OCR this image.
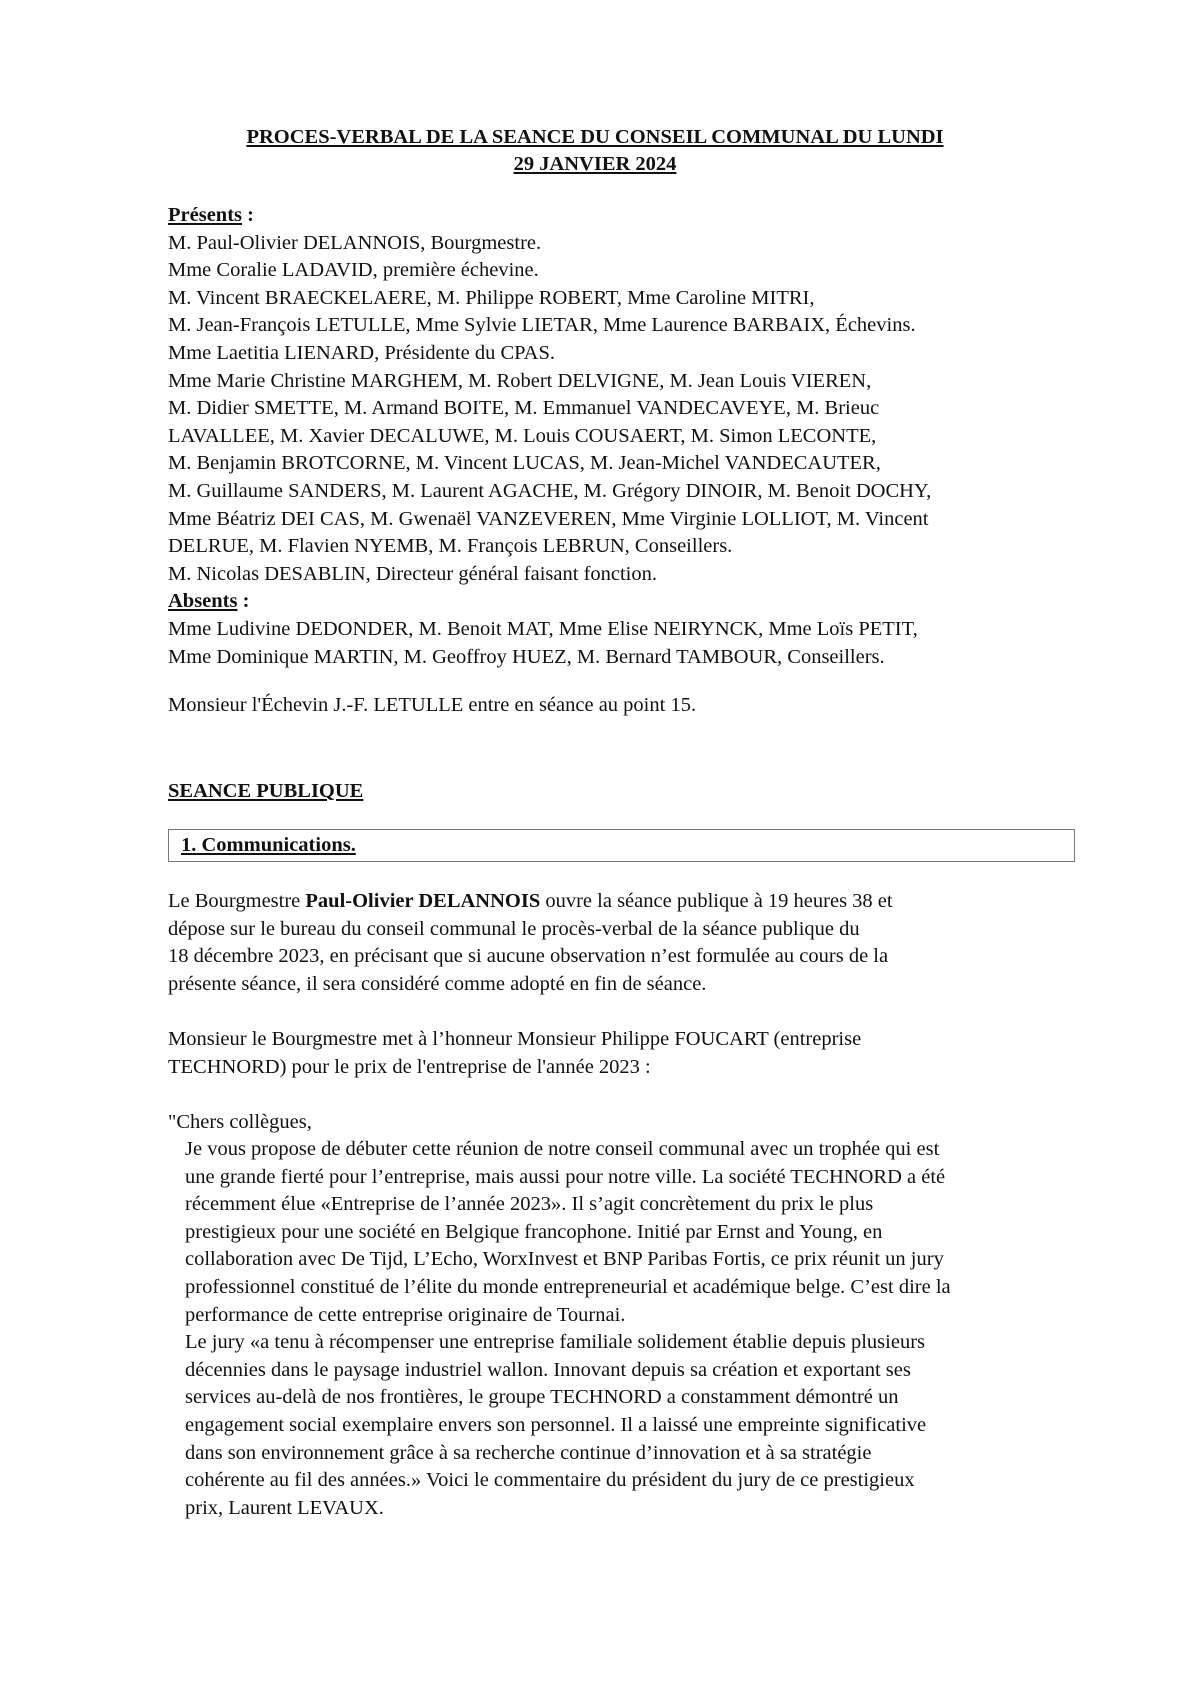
PROCES-VERBAL DE LA SEANCE DU CONSEIL COMMUNAL DU LUNDI
29 JANVIER 2024
Présents :
M. Paul-Olivier DELANNOIS, Bourgmestre.
Mme Coralie LADAVID, première échevine.
M. Vincent BRAECKELAERE, M. Philippe ROBERT, Mme Caroline MITRI,
M. Jean-François LETULLE, Mme Sylvie LIETAR, Mme Laurence BARBAIX, Échevins.
Mme Laetitia LIENARD, Présidente du CPAS.
Mme Marie Christine MARGHEM, M. Robert DELVIGNE, M. Jean Louis VIEREN,
M. Didier SMETTE, M. Armand BOITE, M. Emmanuel VANDECAVEYE, M. Brieuc
LAVALLEE, M. Xavier DECALUWE, M. Louis COUSAERT, M. Simon LECONTE,
M. Benjamin BROTCORNE, M. Vincent LUCAS, M. Jean-Michel VANDECAUTER,
M. Guillaume SANDERS, M. Laurent AGACHE, M. Grégory DINOIR, M. Benoit DOCHY,
Mme Béatriz DEI CAS, M. Gwenaël VANZEVEREN, Mme Virginie LOLLIOT, M. Vincent
DELRUE, M. Flavien NYEMB, M. François LEBRUN, Conseillers.
M. Nicolas DESABLIN, Directeur général faisant fonction.
Absents :
Mme Ludivine DEDONDER, M. Benoit MAT, Mme Elise NEIRYNCK, Mme Loïs PETIT,
Mme Dominique MARTIN, M. Geoffroy HUEZ, M. Bernard TAMBOUR, Conseillers.
Monsieur l'Échevin J.-F. LETULLE entre en séance au point 15.
SEANCE PUBLIQUE
1. Communications.
Le Bourgmestre Paul-Olivier DELANNOIS ouvre la séance publique à 19 heures 38 et
dépose sur le bureau du conseil communal le procès-verbal de la séance publique du
18 décembre 2023, en précisant que si aucune observation n’est formulée au cours de la
présente séance, il sera considéré comme adopté en fin de séance.
Monsieur le Bourgmestre met à l’honneur Monsieur Philippe FOUCART (entreprise
TECHNORD) pour le prix de l'entreprise de l'année 2023 :
"Chers collègues,
Je vous propose de débuter cette réunion de notre conseil communal avec un trophée qui est
une grande fierté pour l’entreprise, mais aussi pour notre ville. La société TECHNORD a été
récemment élue «Entreprise de l’année 2023». Il s’agit concrètement du prix le plus
prestigieux pour une société en Belgique francophone. Initié par Ernst and Young, en
collaboration avec De Tijd, L’Echo, WorxInvest et BNP Paribas Fortis, ce prix réunit un jury
professionnel constitué de l’élite du monde entrepreneurial et académique belge. C’est dire la
performance de cette entreprise originaire de Tournai.
Le jury «a tenu à récompenser une entreprise familiale solidement établie depuis plusieurs
décennies dans le paysage industriel wallon. Innovant depuis sa création et exportant ses
services au-delà de nos frontières, le groupe TECHNORD a constamment démontré un
engagement social exemplaire envers son personnel. Il a laissé une empreinte significative
dans son environnement grâce à sa recherche continue d’innovation et à sa stratégie
cohérente au fil des années.» Voici le commentaire du président du jury de ce prestigieux
prix, Laurent LEVAUX.
